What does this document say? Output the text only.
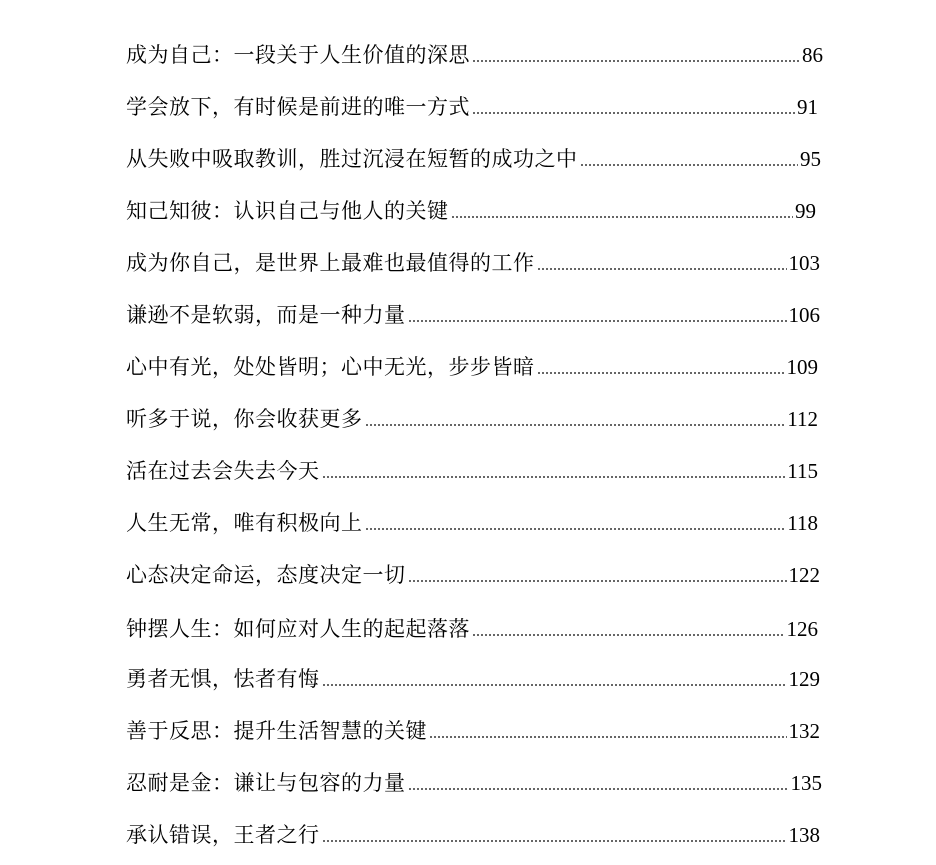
成为自己：一段关于人生价值的深思	86
学会放下，有时候是前进的唯一方式	91
从失败中吸取教训，胜过沉浸在短暂的成功之中	95
知己知彼：认识自己与他人的关键	99
成为你自己，是世界上最难也最值得的工作	103
谦逊不是软弱，而是一种力量	106
心中有光，处处皆明；心中无光，步步皆暗	109
听多于说，你会收获更多	112
活在过去会失去今天	115
人生无常，唯有积极向上	118
心态决定命运，态度决定一切	122
钟摆人生：如何应对人生的起起落落	126
勇者无惧，怯者有悔	129
善于反思：提升生活智慧的关键	132
忍耐是金：谦让与包容的力量	135
承认错误，王者之行	138
